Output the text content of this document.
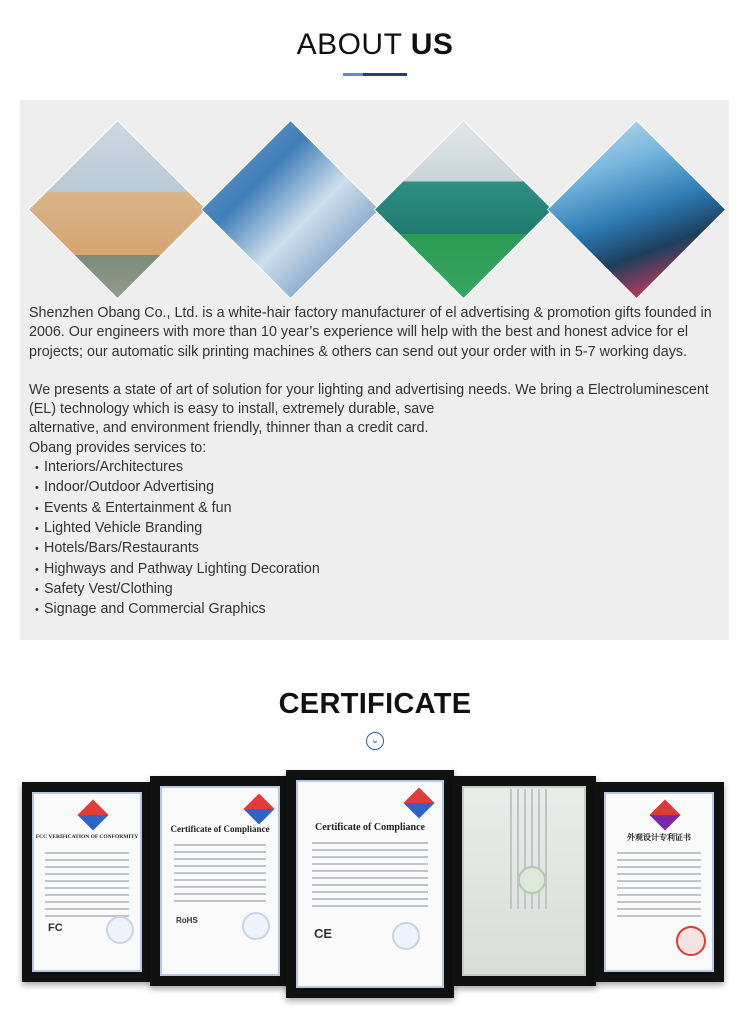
ABOUT US

Shenzhen Obang Co., Ltd. is a white-hair factory manufacturer of el advertising & promotion gifts founded in 2006. Our engineers with more than 10 year’s experience will help with the best and honest advice for el projects; our automatic silk printing machines & others can send out your order with in 5-7 working days.

We presents a state of art of solution for your lighting and advertising needs. We bring a Electroluminescent (EL) technology which is easy to install, extremely durable, save

alternative, and environment friendly, thinner than a credit card.

Obang provides services to:

• Interiors/Architectures
• Indoor/Outdoor Advertising
• Events & Entertainment & fun
• Lighted Vehicle Branding
• Hotels/Bars/Restaurants
• Highways and Pathway Lighting Decoration
• Safety Vest/Clothing
• Signage and Commercial Graphics
CERTIFICATE
⌄
FCC VERIFICATION OF CONFORMITY
FC
Certificate of Compliance
RoHS
Certificate of Compliance
CE
外观设计专利证书
